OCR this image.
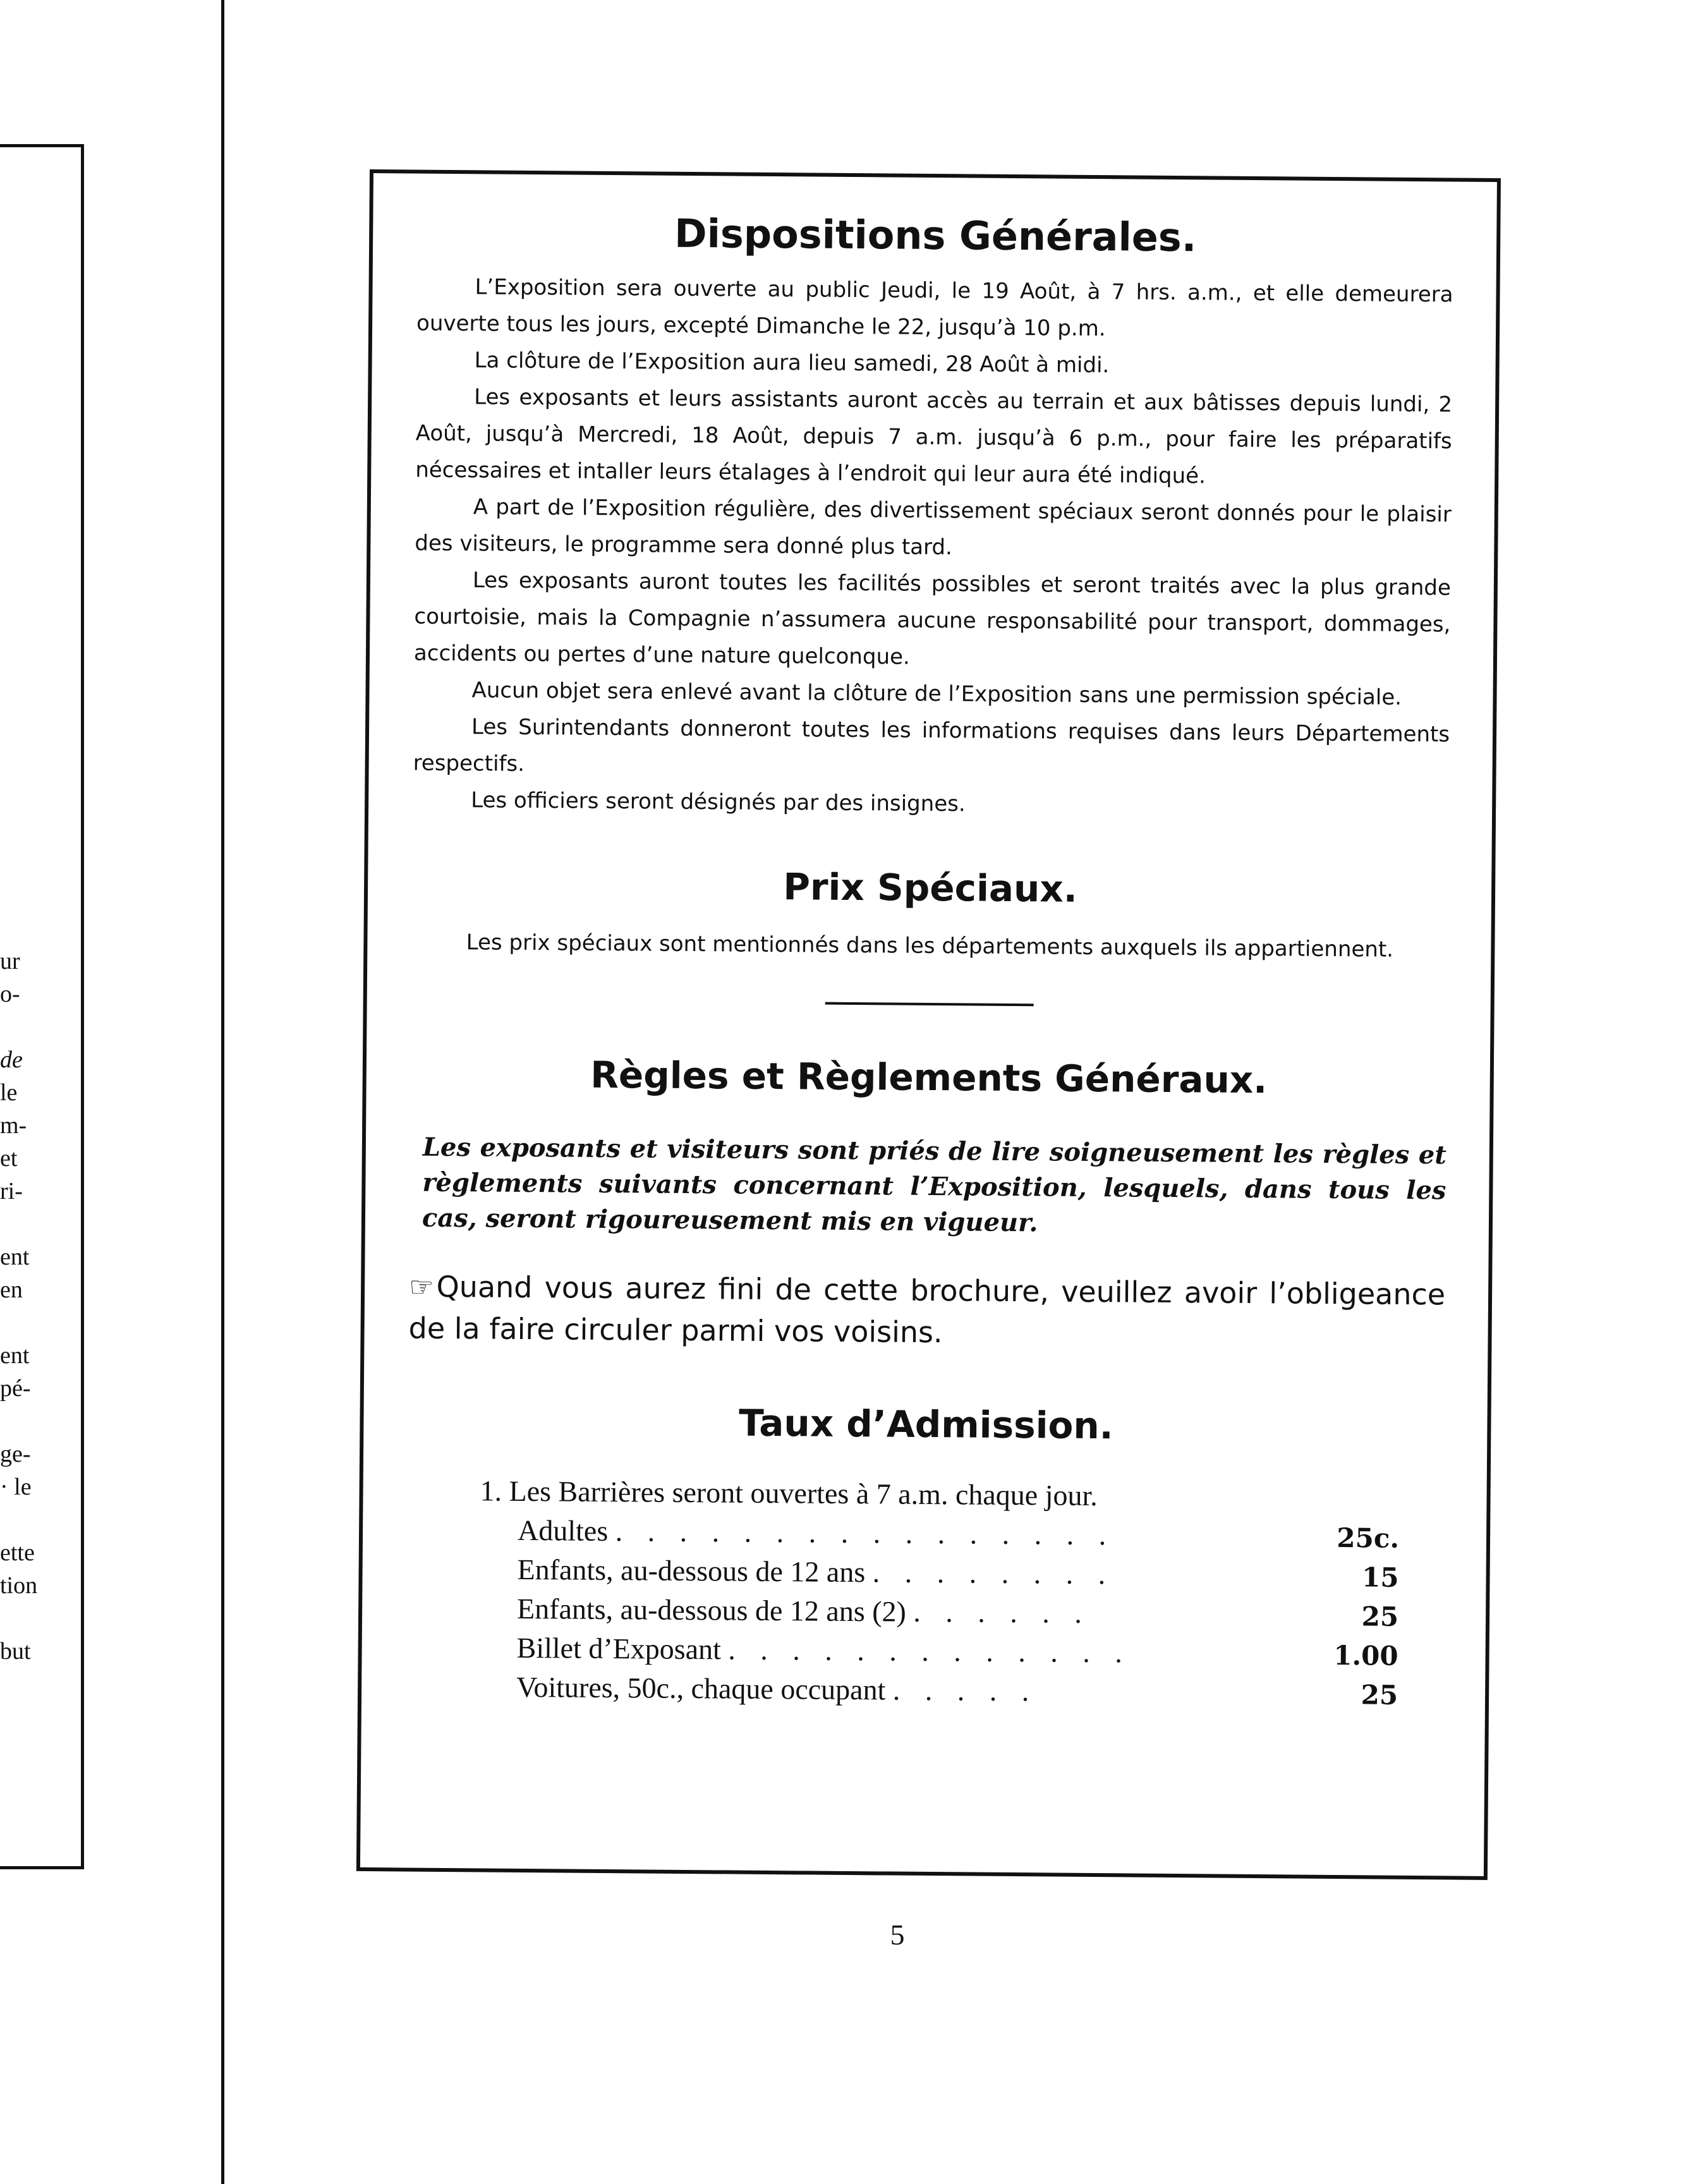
ur
o-
de
le
m-
et
ri-
ent
en
ent
pé-
ge-
· le
ette
tion
but
Dispositions Générales.

L’Exposition sera ouverte au public Jeudi, le 19 Août, à 7 hrs. a.m., et elle demeurera ouverte tous les jours, excepté Dimanche le 22, jusqu’à 10 p.m.

La clôture de l’Exposition aura lieu samedi, 28 Août à midi.

Les exposants et leurs assistants auront accès au terrain et aux bâtisses depuis lundi, 2 Août, jusqu’à Mercredi, 18 Août, depuis 7 a.m. jusqu’à 6 p.m., pour faire les préparatifs nécessaires et intaller leurs étalages à l’endroit qui leur aura été indiqué.

A part de l’Exposition régulière, des divertissement spéciaux seront donnés pour le plaisir des visiteurs, le programme sera donné plus tard.

Les exposants auront toutes les facilités possibles et seront traités avec la plus grande courtoisie, mais la Compagnie n’assumera aucune responsabilité pour transport, dommages, accidents ou pertes d’une nature quelconque.

Aucun objet sera enlevé avant la clôture de l’Exposition sans une permission spéciale.

Les Surintendants donneront toutes les informations requises dans leurs Départements respectifs.

Les officiers seront désignés par des insignes.

Prix Spéciaux.

Les prix spéciaux sont mentionnés dans les départements auxquels ils appartiennent.

Règles et Règlements Généraux.

Les exposants et visiteurs sont priés de lire soigneusement les règles et règlements suivants concernant l’Exposition, lesquels, dans tous les cas, seront rigoureusement mis en vigueur.

☞Quand vous aurez fini de cette brochure, veuillez avoir l’obligeance de la faire circuler parmi vos voisins.

Taux d’Admission.

1. Les Barrières seront ouvertes à 7 a.m. chaque jour.

Adultes . . . . . . . . . . . . . . . .	25c.
Enfants, au-dessous de 12 ans . . . . . . . .	15
Enfants, au-dessous de 12 ans (2) . . . . . .	25
Billet d’Exposant . . . . . . . . . . . . .	1.00
Voitures, 50c., chaque occupant . . . . .	25
5
